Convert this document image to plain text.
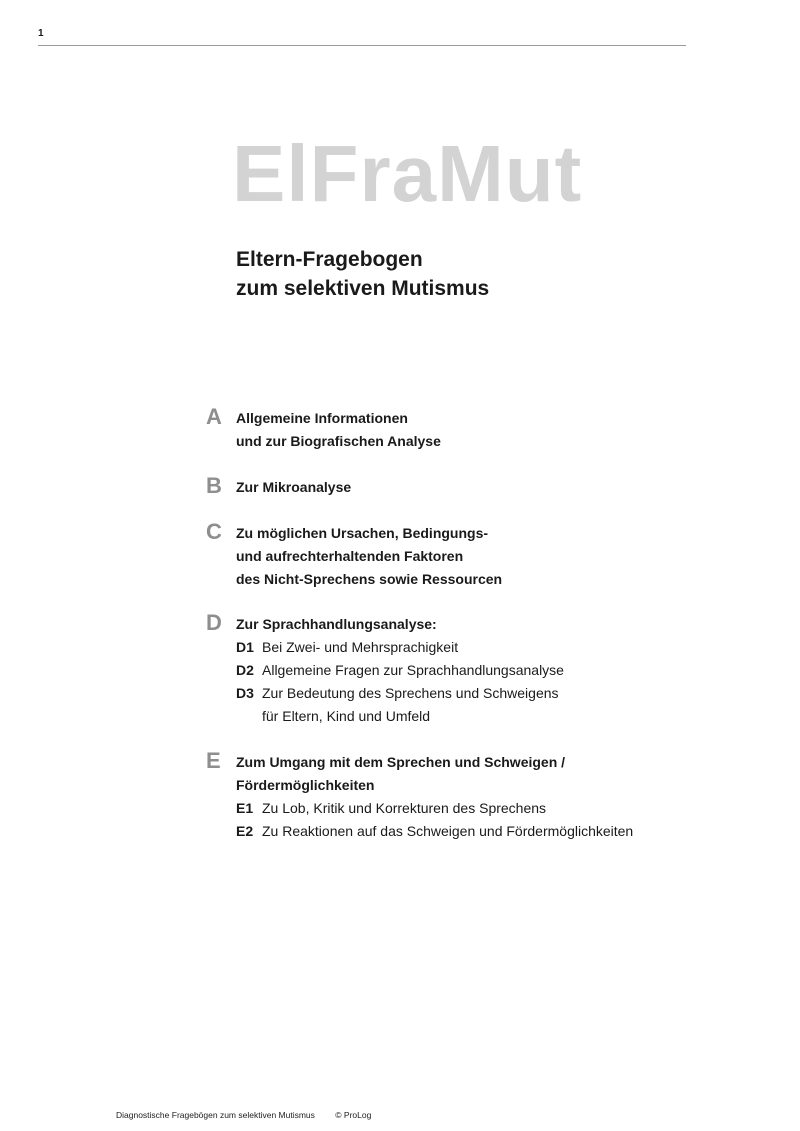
1
ElFraMut
Eltern-Fragebogen
zum selektiven Mutismus
A Allgemeine Informationen
und zur Biografischen Analyse
B Zur Mikroanalyse
C Zu möglichen Ursachen, Bedingungs-
und aufrechterhaltenden Faktoren
des Nicht-Sprechens sowie Ressourcen
D Zur Sprachhandlungsanalyse:
D1 Bei Zwei- und Mehrsprachigkeit
D2 Allgemeine Fragen zur Sprachhandlungsanalyse
D3 Zur Bedeutung des Sprechens und Schweigens
für Eltern, Kind und Umfeld
E Zum Umgang mit dem Sprechen und Schweigen /
Fördermöglichkeiten
E1 Zu Lob, Kritik und Korrekturen des Sprechens
E2 Zu Reaktionen auf das Schweigen und Fördermöglichkeiten
Diagnostische Fragebögen zum selektiven Mutismus © ProLog
